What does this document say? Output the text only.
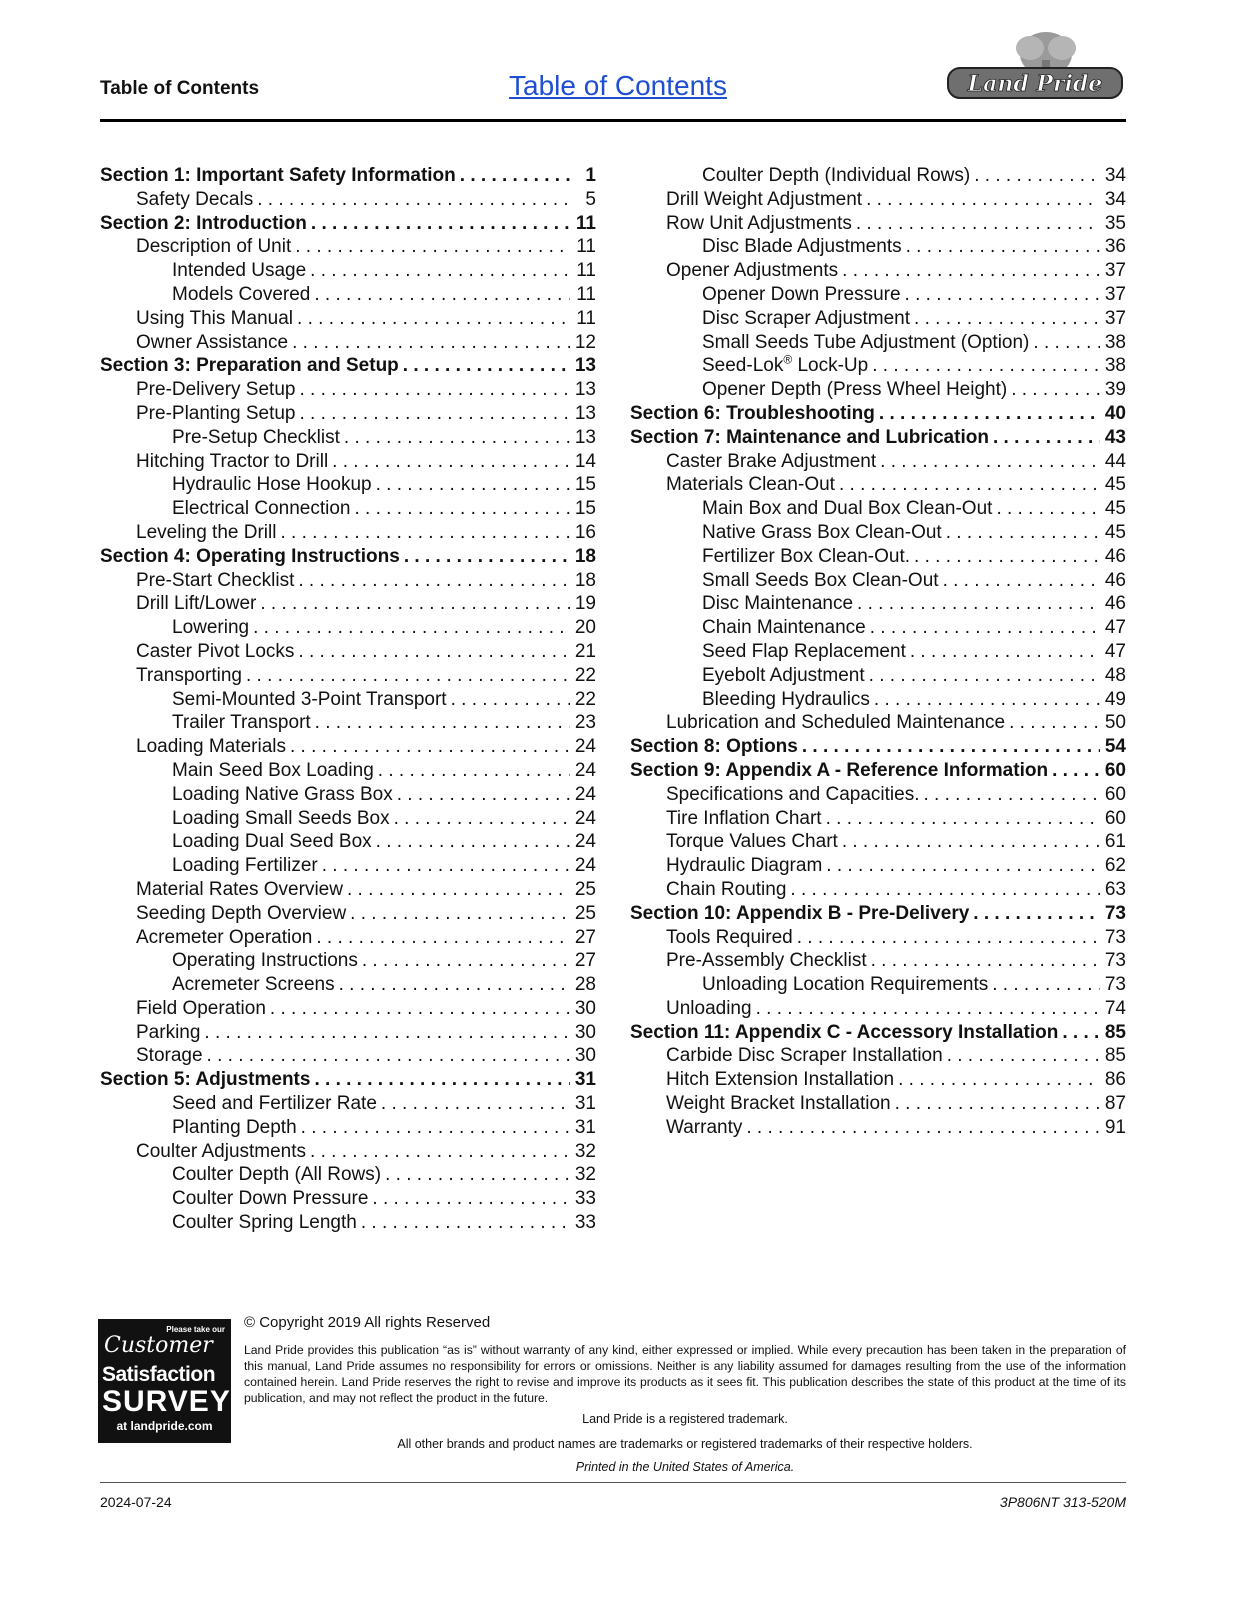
Table of Contents	Table of Contents	Land Pride
Section 1: Important Safety Information . . .	1
Safety Decals . . .	5
Section 2: Introduction . . .	11
Description of Unit . . .	11
Intended Usage . . .	11
Models Covered . . .	11
Using This Manual . . .	11
Owner Assistance . . .	12
Section 3: Preparation and Setup . . .	13
Pre-Delivery Setup . . .	13
Pre-Planting Setup . . .	13
Pre-Setup Checklist . . .	13
Hitching Tractor to Drill . . .	14
Hydraulic Hose Hookup . . .	15
Electrical Connection . . .	15
Leveling the Drill . . .	16
Section 4: Operating Instructions . . .	18
Pre-Start Checklist . . .	18
Drill Lift/Lower . . .	19
Lowering . . .	20
Caster Pivot Locks . . .	21
Transporting . . .	22
Semi-Mounted 3-Point Transport . . .	22
Trailer Transport . . .	23
Loading Materials . . .	24
Main Seed Box Loading . . .	24
Loading Native Grass Box . . .	24
Loading Small Seeds Box . . .	24
Loading Dual Seed Box . . .	24
Loading Fertilizer . . .	24
Material Rates Overview . . .	25
Seeding Depth Overview . . .	25
Acremeter Operation . . .	27
Operating Instructions . . .	27
Acremeter Screens . . .	28
Field Operation . . .	30
Parking . . .	30
Storage . . .	30
Section 5: Adjustments . . .	31
Seed and Fertilizer Rate . . .	31
Planting Depth . . .	31
Coulter Adjustments . . .	32
Coulter Depth (All Rows) . . .	32
Coulter Down Pressure . . .	33
Coulter Spring Length . . .	33
Coulter Depth (Individual Rows) . . .	34
Drill Weight Adjustment . . .	34
Row Unit Adjustments . . .	35
Disc Blade Adjustments . . .	36
Opener Adjustments . . .	37
Opener Down Pressure . . .	37
Disc Scraper Adjustment . . .	37
Small Seeds Tube Adjustment (Option) . . .	38
Seed-Lok® Lock-Up . . .	38
Opener Depth (Press Wheel Height) . . .	39
Section 6: Troubleshooting . . .	40
Section 7: Maintenance and Lubrication . . .	43
Caster Brake Adjustment . . .	44
Materials Clean-Out . . .	45
Main Box and Dual Box Clean-Out . . .	45
Native Grass Box Clean-Out . . .	45
Fertilizer Box Clean-Out. . . .	46
Small Seeds Box Clean-Out . . .	46
Disc Maintenance . . .	46
Chain Maintenance . . .	47
Seed Flap Replacement . . .	47
Eyebolt Adjustment . . .	48
Bleeding Hydraulics . . .	49
Lubrication and Scheduled Maintenance . . .	50
Section 8: Options . . .	54
Section 9: Appendix A - Reference Information . . .	60
Specifications and Capacities. . . .	60
Tire Inflation Chart . . .	60
Torque Values Chart . . .	61
Hydraulic Diagram . . .	62
Chain Routing . . .	63
Section 10: Appendix B - Pre-Delivery . . .	73
Tools Required . . .	73
Pre-Assembly Checklist . . .	73
Unloading Location Requirements . . .	73
Unloading . . .	74
Section 11: Appendix C - Accessory Installation . . . 85
Carbide Disc Scraper Installation . . .	85
Hitch Extension Installation . . .	86
Weight Bracket Installation . . .	87
Warranty . . .	91
Please take our
Customer
Satisfaction
SURVEY
at landpride.com
© Copyright 2019 All rights Reserved
Land Pride provides this publication “as is” without warranty of any kind, either expressed or implied. While every precaution has been taken in the preparation of this manual, Land Pride assumes no responsibility for errors or omissions. Neither is any liability assumed for damages resulting from the use of the information contained herein. Land Pride reserves the right to revise and improve its products as it sees fit. This publication describes the state of this product at the time of its publication, and may not reflect the product in the future.
Land Pride is a registered trademark.
All other brands and product names are trademarks or registered trademarks of their respective holders.
Printed in the United States of America.
2024-07-24	3P806NT 313-520M
